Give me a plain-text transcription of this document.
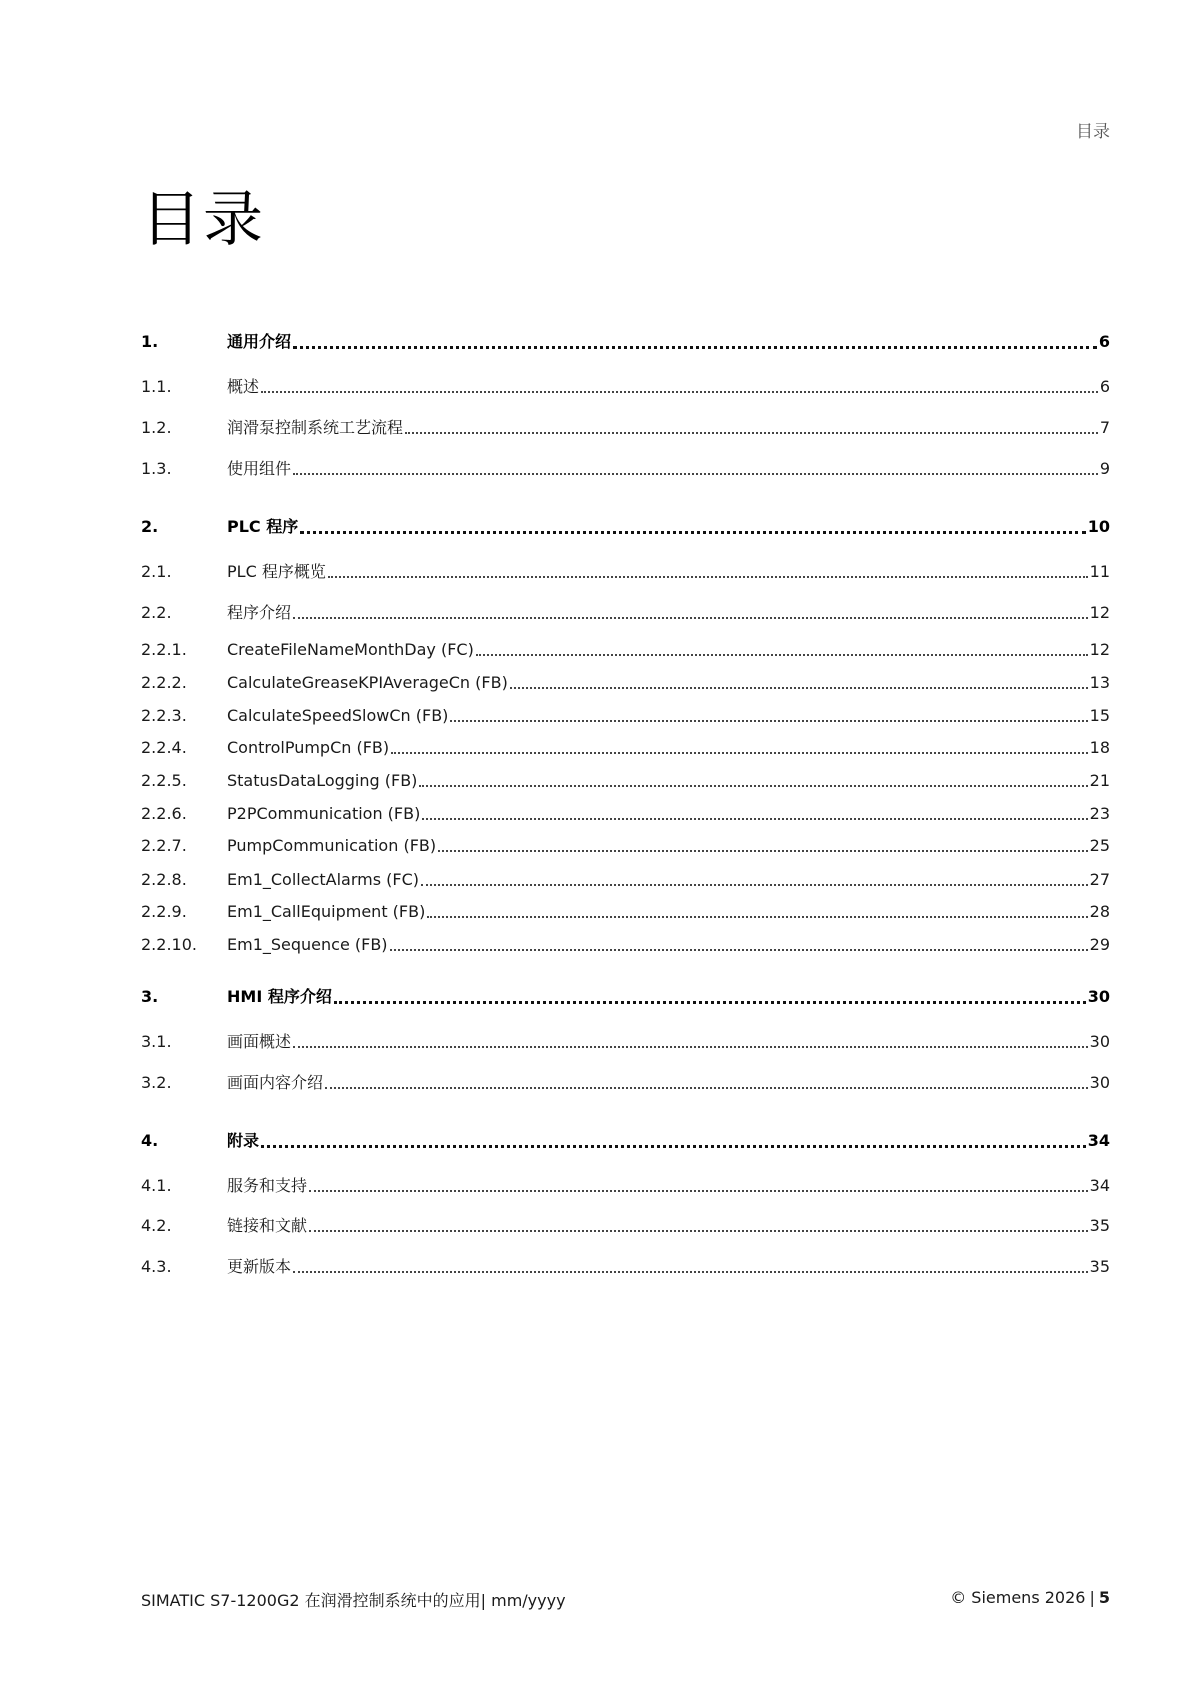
目录
目录
1.	通用介绍	6
1.1.	概述	6
1.2.	润滑泵控制系统工艺流程	7
1.3.	使用组件	9
2.	PLC 程序	10
2.1.	PLC 程序概览	11
2.2.	程序介绍	12
2.2.1.	CreateFileNameMonthDay (FC)	12
2.2.2.	CalculateGreaseKPIAverageCn (FB)	13
2.2.3.	CalculateSpeedSlowCn (FB)	15
2.2.4.	ControlPumpCn (FB)	18
2.2.5.	StatusDataLogging (FB)	21
2.2.6.	P2PCommunication (FB)	23
2.2.7.	PumpCommunication (FB)	25
2.2.8.	Em1_CollectAlarms (FC)	27
2.2.9.	Em1_CallEquipment (FB)	28
2.2.10.	Em1_Sequence (FB)	29
3.	HMI 程序介绍	30
3.1.	画面概述	30
3.2.	画面内容介绍	30
4.	附录	34
4.1.	服务和支持	34
4.2.	链接和文献	35
4.3.	更新版本	35
SIMATIC S7-1200G2 在润滑控制系统中的应用| mm/yyyy	© Siemens 2026 | 5
